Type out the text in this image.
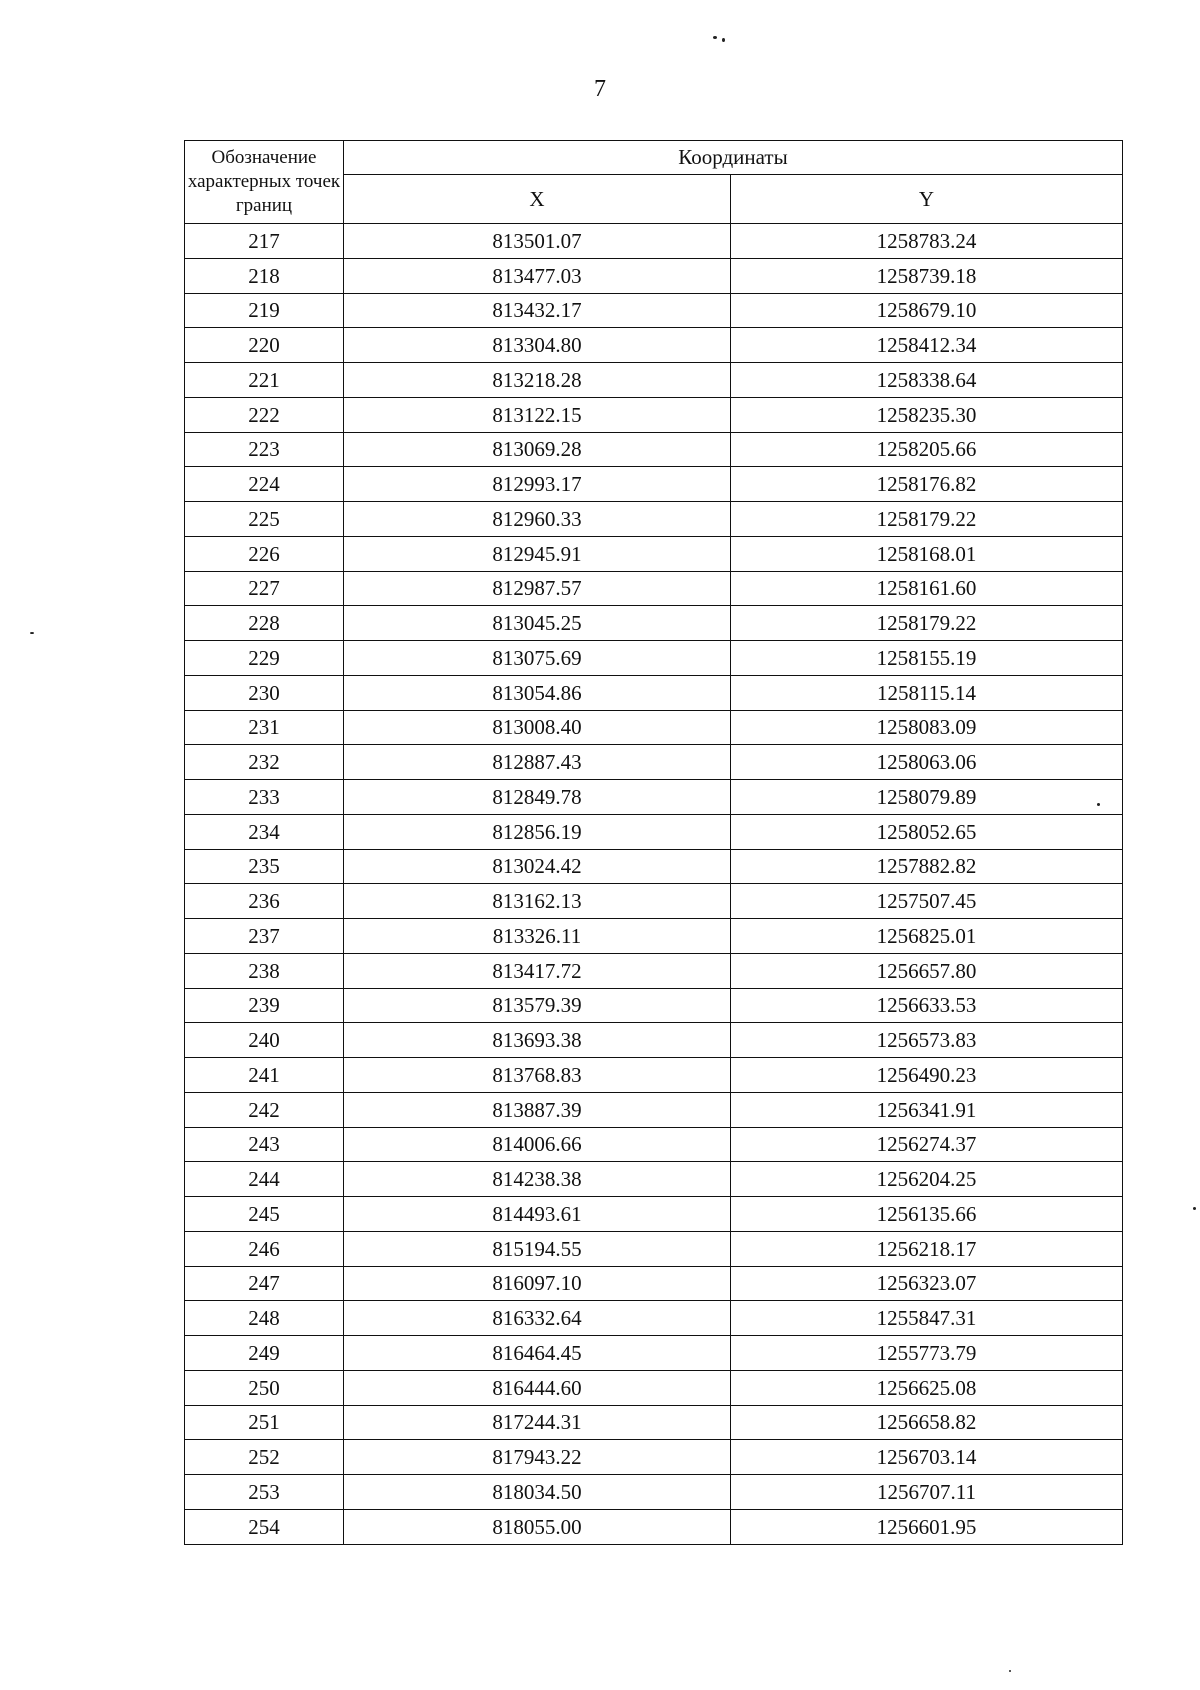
7
Обозначение характерных точек границ	Координаты	
	X	Y
217	813501.07	1258783.24
218	813477.03	1258739.18
219	813432.17	1258679.10
220	813304.80	1258412.34
221	813218.28	1258338.64
222	813122.15	1258235.30
223	813069.28	1258205.66
224	812993.17	1258176.82
225	812960.33	1258179.22
226	812945.91	1258168.01
227	812987.57	1258161.60
228	813045.25	1258179.22
229	813075.69	1258155.19
230	813054.86	1258115.14
231	813008.40	1258083.09
232	812887.43	1258063.06
233	812849.78	1258079.89
234	812856.19	1258052.65
235	813024.42	1257882.82
236	813162.13	1257507.45
237	813326.11	1256825.01
238	813417.72	1256657.80
239	813579.39	1256633.53
240	813693.38	1256573.83
241	813768.83	1256490.23
242	813887.39	1256341.91
243	814006.66	1256274.37
244	814238.38	1256204.25
245	814493.61	1256135.66
246	815194.55	1256218.17
247	816097.10	1256323.07
248	816332.64	1255847.31
249	816464.45	1255773.79
250	816444.60	1256625.08
251	817244.31	1256658.82
252	817943.22	1256703.14
253	818034.50	1256707.11
254	818055.00	1256601.95
